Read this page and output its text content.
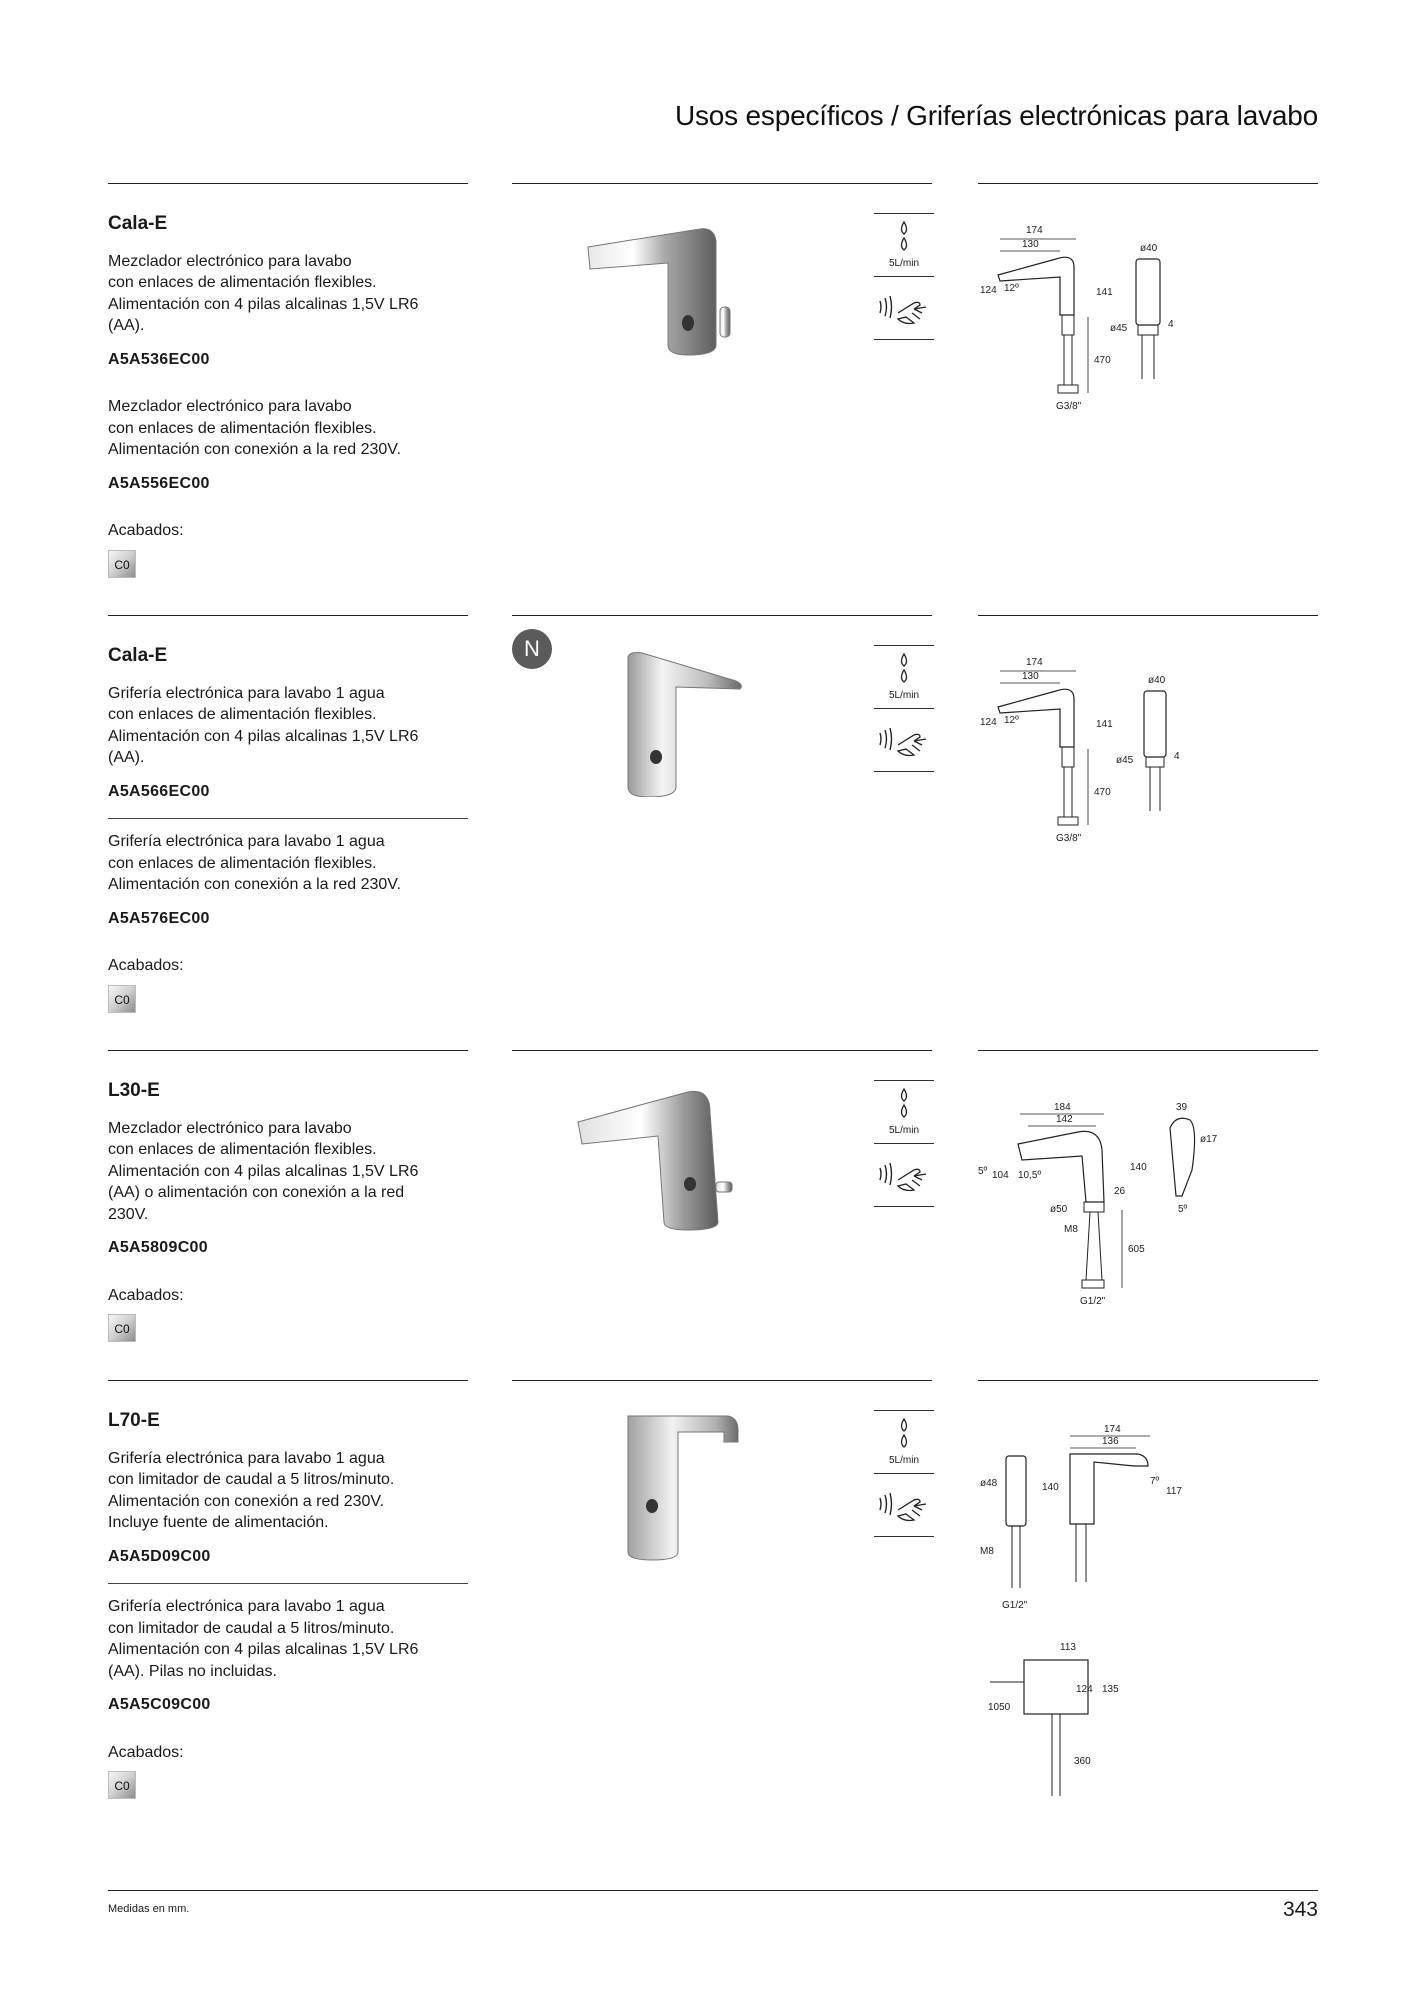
Usos específicos / Griferías electrónicas para lavabo

Cala-E

Mezclador electrónico para lavabo
con enlaces de alimentación flexibles.
Alimentación con 4 pilas alcalinas 1,5V LR6
(AA).

A5A536EC00

Mezclador electrónico para lavabo
con enlaces de alimentación flexibles.
Alimentación con conexión a la red 230V.

A5A556EC00

Acabados:

C0
5L/min
174
130
124 12º	141
ø40
ø45	4
470
G3/8"
N

Cala-E

Grifería electrónica para lavabo 1 agua
con enlaces de alimentación flexibles.
Alimentación con 4 pilas alcalinas 1,5V LR6
(AA).

A5A566EC00

Grifería electrónica para lavabo 1 agua
con enlaces de alimentación flexibles.
Alimentación con conexión a la red 230V.

A5A576EC00

Acabados:

C0
5L/min
174
130
124 12º	141
ø40
ø45	4
470
G3/8"

L30-E

Mezclador electrónico para lavabo
con enlaces de alimentación flexibles.
Alimentación con 4 pilas alcalinas 1,5V LR6
(AA) o alimentación con conexión a la red
230V.

A5A5809C00

Acabados:

C0
5L/min
184
142
5º 104 10,5º
140
26
ø50
M8
605
G1/2"
39
ø17
5º

L70-E

Grifería electrónica para lavabo 1 agua
con limitador de caudal a 5 litros/minuto.
Alimentación con conexión a red 230V.
Incluye fuente de alimentación.

A5A5D09C00

Grifería electrónica para lavabo 1 agua
con limitador de caudal a 5 litros/minuto.
Alimentación con 4 pilas alcalinas 1,5V LR6
(AA). Pilas no incluidas.

A5A5C09C00

Acabados:

C0
5L/min
174
136
ø48	140
7º
117
M8
G1/2"
113
124 135
1050
360
Medidas en mm.	343
